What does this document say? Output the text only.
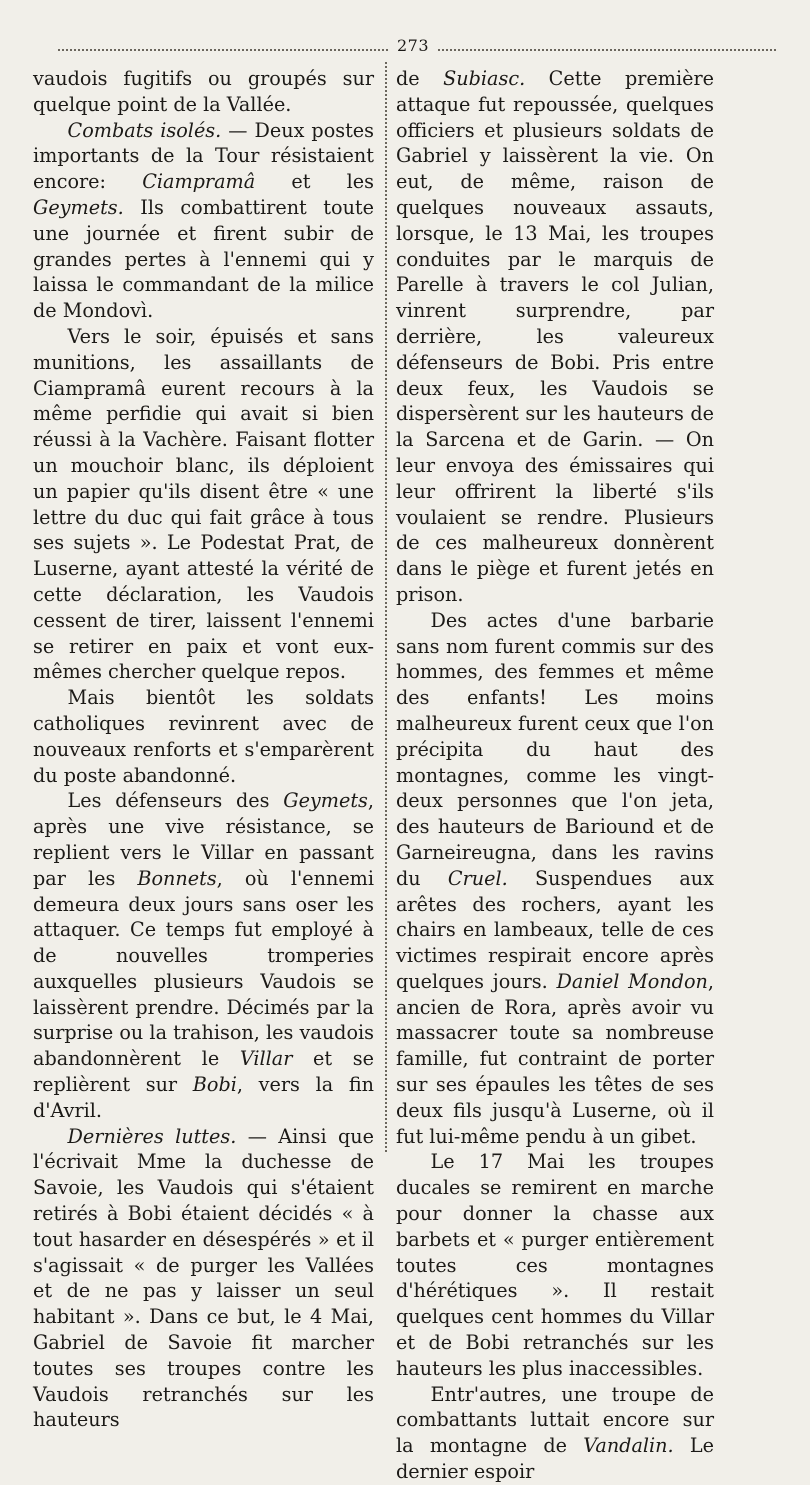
273

vaudois fugitifs ou groupés sur quelque point de la Vallée.

Combats isolés. — Deux postes importants de la Tour résistaient encore: Ciampramâ et les Geymets. Ils combattirent toute une journée et firent subir de grandes pertes à l'ennemi qui y laissa le commandant de la milice de Mondovì.

Vers le soir, épuisés et sans munitions, les assaillants de Ciampramâ eurent recours à la même perfidie qui avait si bien réussi à la Vachère. Faisant flotter un mouchoir blanc, ils déploient un papier qu'ils disent être « une lettre du duc qui fait grâce à tous ses sujets ». Le Podestat Prat, de Luserne, ayant attesté la vérité de cette déclaration, les Vaudois cessent de tirer, laissent l'ennemi se retirer en paix et vont eux-mêmes chercher quelque repos.

Mais bientôt les soldats catholiques revinrent avec de nouveaux renforts et s'emparèrent du poste abandonné.

Les défenseurs des Geymets, après une vive résistance, se replient vers le Villar en passant par les Bonnets, où l'ennemi demeura deux jours sans oser les attaquer. Ce temps fut employé à de nouvelles tromperies auxquelles plusieurs Vaudois se laissèrent prendre. Décimés par la surprise ou la trahison, les vaudois abandonnèrent le Villar et se replièrent sur Bobi, vers la fin d'Avril.

Dernières luttes. — Ainsi que l'écrivait Mme la duchesse de Savoie, les Vaudois qui s'étaient retirés à Bobi étaient décidés « à tout hasarder en désespérés » et il s'agissait « de purger les Vallées et de ne pas y laisser un seul habitant ». Dans ce but, le 4 Mai, Gabriel de Savoie fit marcher toutes ses troupes contre les Vaudois retranchés sur les hauteurs

de Subiasc. Cette première attaque fut repoussée, quelques officiers et plusieurs soldats de Gabriel y laissèrent la vie. On eut, de même, raison de quelques nouveaux assauts, lorsque, le 13 Mai, les troupes conduites par le marquis de Parelle à travers le col Julian, vinrent surprendre, par derrière, les valeureux défenseurs de Bobi. Pris entre deux feux, les Vaudois se dispersèrent sur les hauteurs de la Sarcena et de Garin. — On leur envoya des émissaires qui leur offrirent la liberté s'ils voulaient se rendre. Plusieurs de ces malheureux donnèrent dans le piège et furent jetés en prison.

Des actes d'une barbarie sans nom furent commis sur des hommes, des femmes et même des enfants! Les moins malheureux furent ceux que l'on précipita du haut des montagnes, comme les vingt-deux personnes que l'on jeta, des hauteurs de Bariound et de Garneireugna, dans les ravins du Cruel. Suspendues aux arêtes des rochers, ayant les chairs en lambeaux, telle de ces victimes respirait encore après quelques jours. Daniel Mondon, ancien de Rora, après avoir vu massacrer toute sa nombreuse famille, fut contraint de porter sur ses épaules les têtes de ses deux fils jusqu'à Luserne, où il fut lui-même pendu à un gibet.

Le 17 Mai les troupes ducales se remirent en marche pour donner la chasse aux barbets et « purger entièrement toutes ces montagnes d'hérétiques ». Il restait quelques cent hommes du Villar et de Bobi retranchés sur les hauteurs les plus inaccessibles.

Entr'autres, une troupe de combattants luttait encore sur la montagne de Vandalin. Le dernier espoir
